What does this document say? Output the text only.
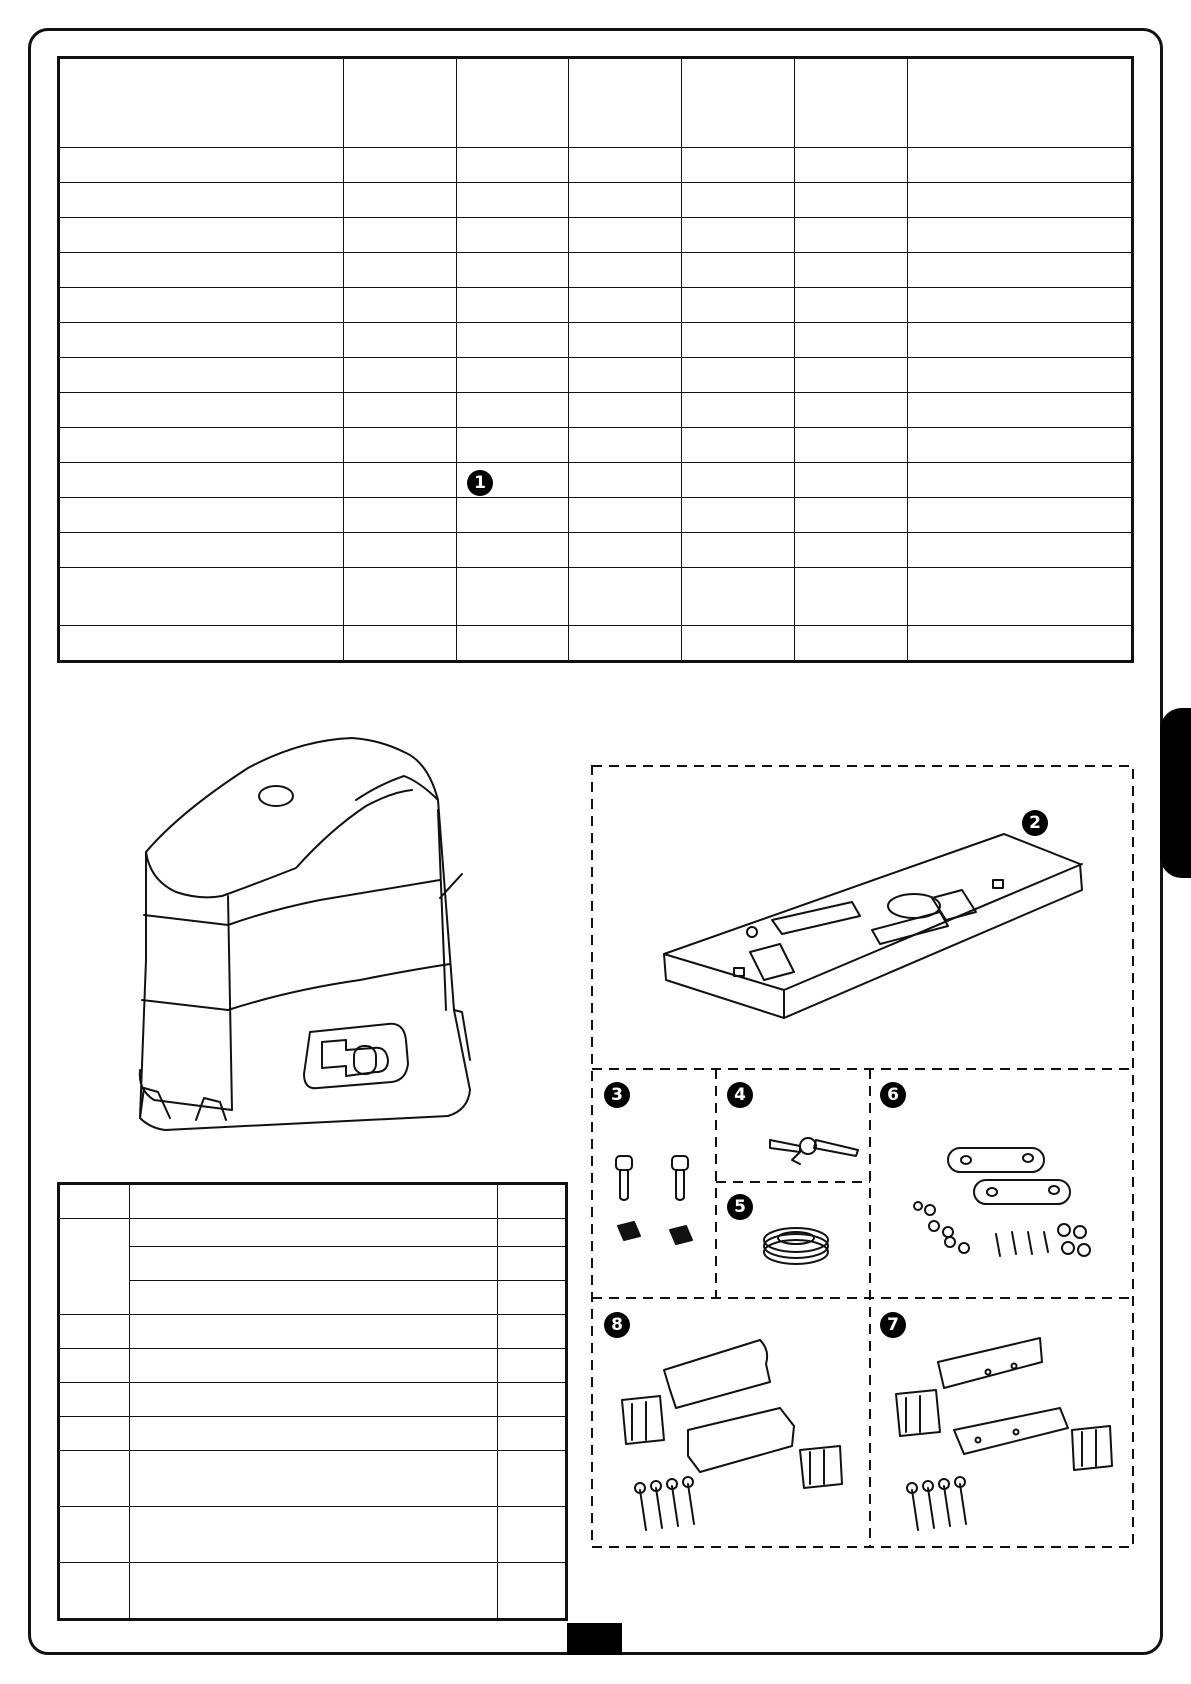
1
2
3	4
5
6
7
8
